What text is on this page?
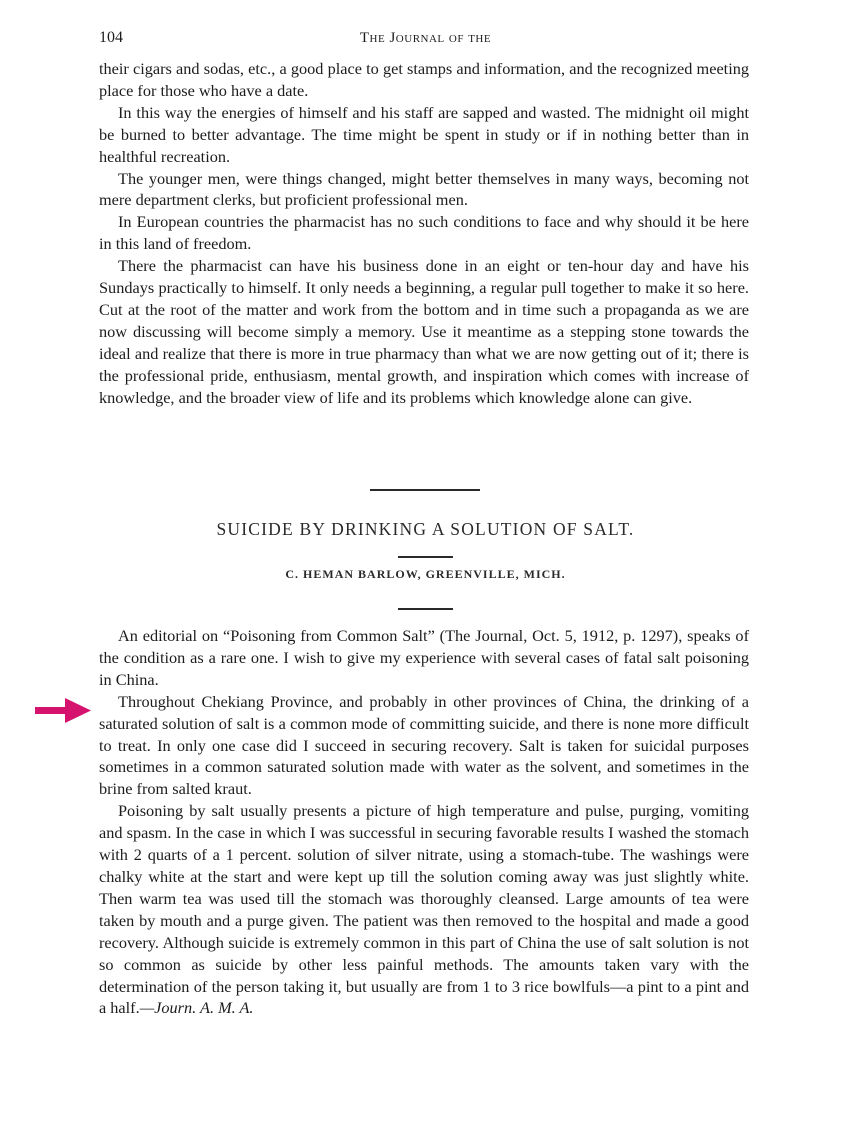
104	The Journal of the

their cigars and sodas, etc., a good place to get stamps and information, and the recognized meeting place for those who have a date.

In this way the energies of himself and his staff are sapped and wasted. The midnight oil might be burned to better advantage. The time might be spent in study or if in nothing better than in healthful recreation.

The younger men, were things changed, might better themselves in many ways, becoming not mere department clerks, but proficient professional men.

In European countries the pharmacist has no such conditions to face and why should it be here in this land of freedom.

There the pharmacist can have his business done in an eight or ten-hour day and have his Sundays practically to himself. It only needs a beginning, a regular pull together to make it so here. Cut at the root of the matter and work from the bottom and in time such a propaganda as we are now discussing will become simply a memory. Use it meantime as a stepping stone towards the ideal and realize that there is more in true pharmacy than what we are now getting out of it; there is the professional pride, enthusiasm, mental growth, and inspiration which comes with increase of knowledge, and the broader view of life and its problems which knowledge alone can give.

SUICIDE BY DRINKING A SOLUTION OF SALT.
C. HEMAN BARLOW, GREENVILLE, MICH.

An editorial on “Poisoning from Common Salt” (The Journal, Oct. 5, 1912, p. 1297), speaks of the condition as a rare one. I wish to give my experience with several cases of fatal salt poisoning in China.

Throughout Chekiang Province, and probably in other provinces of China, the drinking of a saturated solution of salt is a common mode of committing suicide, and there is none more difficult to treat. In only one case did I succeed in securing recovery. Salt is taken for suicidal purposes sometimes in a common saturated solution made with water as the solvent, and sometimes in the brine from salted kraut.

Poisoning by salt usually presents a picture of high temperature and pulse, purging, vomiting and spasm. In the case in which I was successful in securing favorable results I washed the stomach with 2 quarts of a 1 percent. solution of silver nitrate, using a stomach-tube. The washings were chalky white at the start and were kept up till the solution coming away was just slightly white. Then warm tea was used till the stomach was thoroughly cleansed. Large amounts of tea were taken by mouth and a purge given. The patient was then removed to the hospital and made a good recovery. Although suicide is extremely common in this part of China the use of salt solution is not so common as suicide by other less painful methods. The amounts taken vary with the determination of the person taking it, but usually are from 1 to 3 rice bowlfuls—a pint to a pint and a half.—Journ. A. M. A.
